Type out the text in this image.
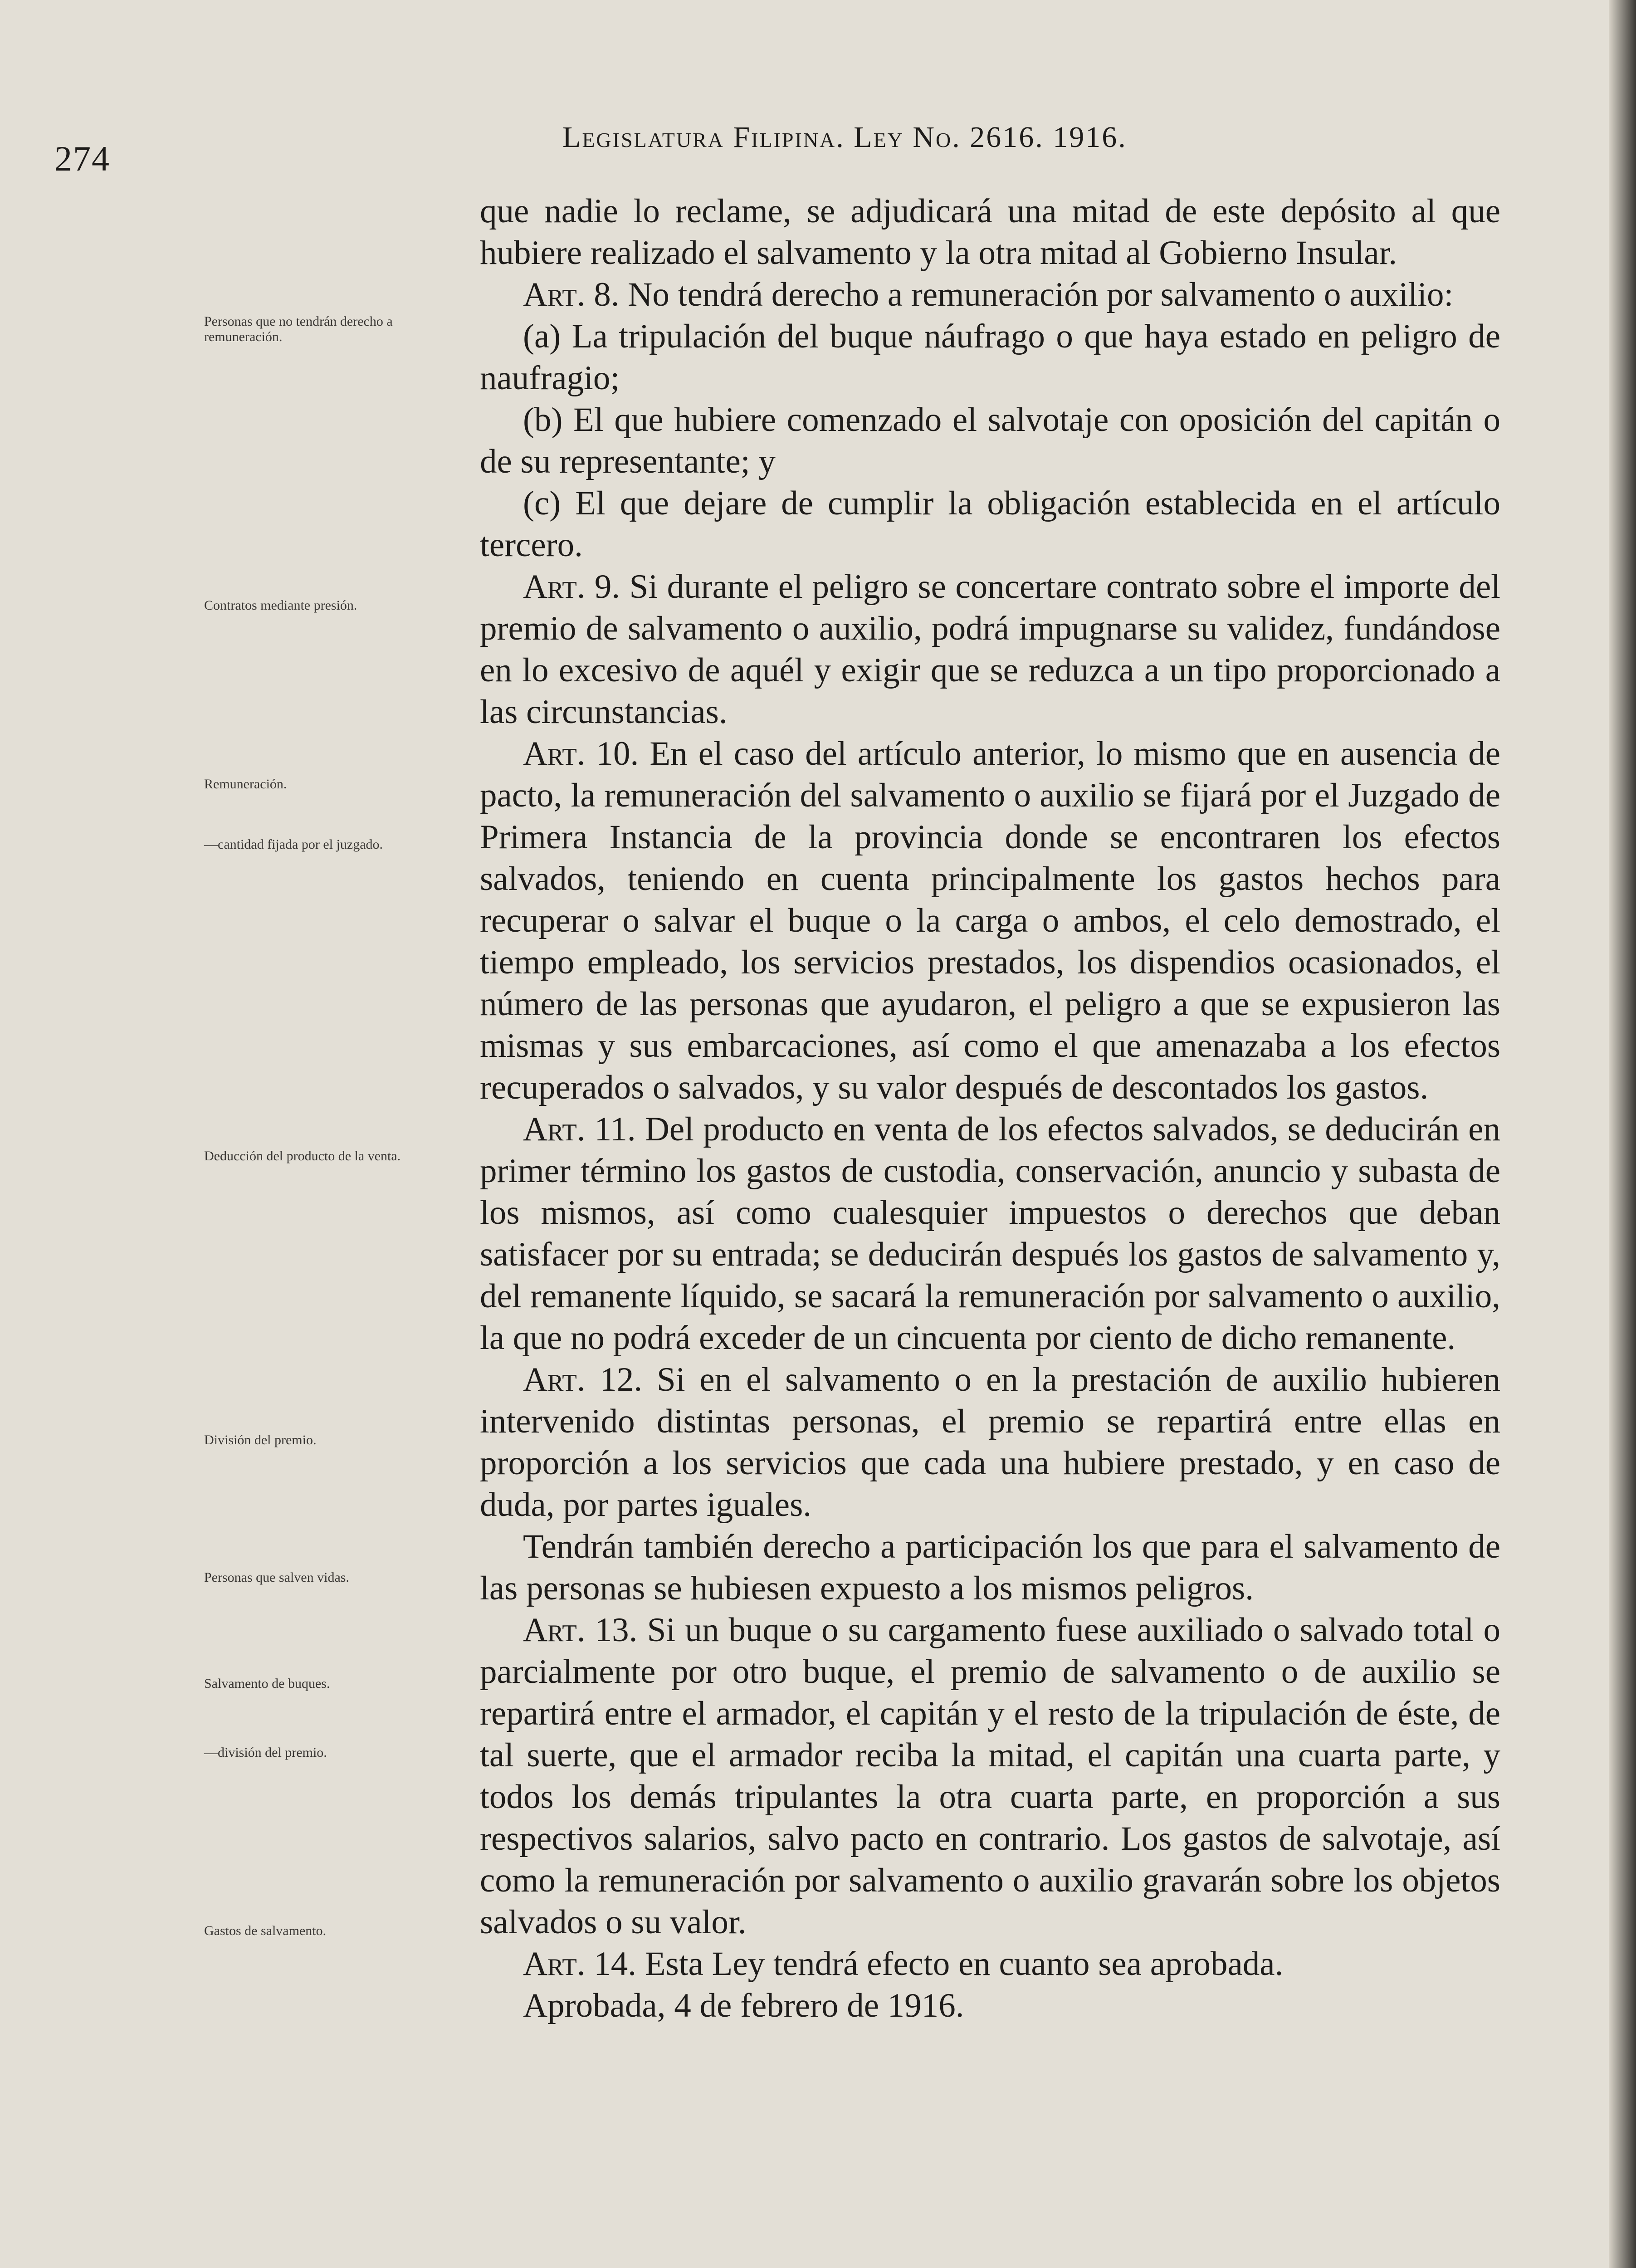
274
Legislatura Filipina. Ley No. 2616. 1916.
Personas que no tendrán derecho a remuneración.
Contratos mediante presión.
Remuneración.
—cantidad fijada por el juzgado.
Deducción del producto de la venta.
División del premio.
Personas que salven vidas.
Salvamento de buques.
—división del premio.
Gastos de salvamento.

que nadie lo reclame, se adjudicará una mitad de este depósito al que hubiere realizado el salvamento y la otra mitad al Gobierno Insular.

Art. 8. No tendrá derecho a remuneración por salvamento o auxilio:

(a) La tripulación del buque náufrago o que haya estado en peligro de naufragio;

(b) El que hubiere comenzado el salvotaje con oposición del capitán o de su representante; y

(c) El que dejare de cumplir la obligación establecida en el artículo tercero.

Art. 9. Si durante el peligro se concertare contrato sobre el importe del premio de salvamento o auxilio, podrá impugnarse su validez, fundándose en lo excesivo de aquél y exigir que se reduzca a un tipo proporcionado a las circunstancias.

Art. 10. En el caso del artículo anterior, lo mismo que en ausencia de pacto, la remuneración del salvamento o auxilio se fijará por el Juzgado de Primera Instancia de la provincia donde se encontraren los efectos salvados, teniendo en cuenta principalmente los gastos hechos para recuperar o salvar el buque o la carga o ambos, el celo demostrado, el tiempo empleado, los servicios prestados, los dispendios ocasionados, el número de las personas que ayudaron, el peligro a que se expusieron las mismas y sus embarcaciones, así como el que amenazaba a los efectos recuperados o salvados, y su valor después de descontados los gastos.

Art. 11. Del producto en venta de los efectos salvados, se deducirán en primer término los gastos de custodia, conservación, anuncio y subasta de los mismos, así como cualesquier impuestos o derechos que deban satisfacer por su entrada; se deducirán después los gastos de salvamento y, del remanente líquido, se sacará la remuneración por salvamento o auxilio, la que no podrá exceder de un cincuenta por ciento de dicho remanente.

Art. 12. Si en el salvamento o en la prestación de auxilio hubieren intervenido distintas personas, el premio se repartirá entre ellas en proporción a los servicios que cada una hubiere prestado, y en caso de duda, por partes iguales.

Tendrán también derecho a participación los que para el salvamento de las personas se hubiesen expuesto a los mismos peligros.

Art. 13. Si un buque o su cargamento fuese auxiliado o salvado total o parcialmente por otro buque, el premio de salvamento o de auxilio se repartirá entre el armador, el capitán y el resto de la tripulación de éste, de tal suerte, que el armador reciba la mitad, el capitán una cuarta parte, y todos los demás tripulantes la otra cuarta parte, en proporción a sus respectivos salarios, salvo pacto en contrario. Los gastos de salvotaje, así como la remuneración por salvamento o auxilio gravarán sobre los objetos salvados o su valor.

Art. 14. Esta Ley tendrá efecto en cuanto sea aprobada.

Aprobada, 4 de febrero de 1916.
